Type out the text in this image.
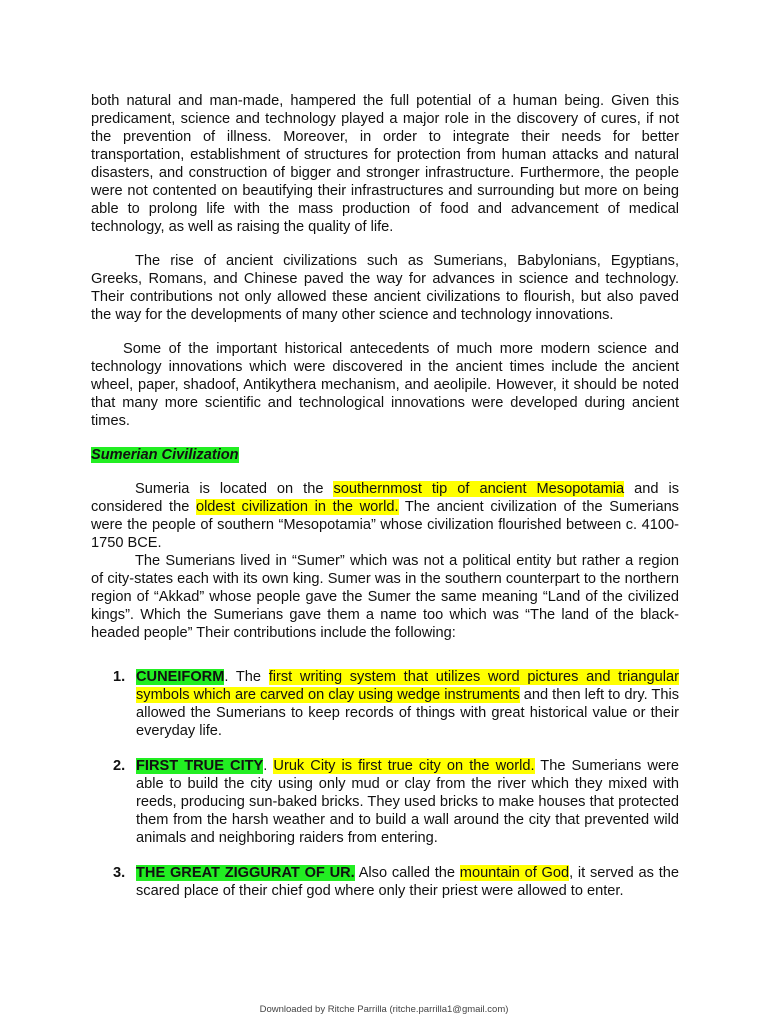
both natural and man-made, hampered the full potential of a human being. Given this predicament, science and technology played a major role in the discovery of cures, if not the prevention of illness. Moreover, in order to integrate their needs for better transportation, establishment of structures for protection from human attacks and natural disasters, and construction of bigger and stronger infrastructure. Furthermore, the people were not contented on beautifying their infrastructures and surrounding but more on being able to prolong life with the mass production of food and advancement of medical technology, as well as raising the quality of life.

The rise of ancient civilizations such as Sumerians, Babylonians, Egyptians, Greeks, Romans, and Chinese paved the way for advances in science and technology. Their contributions not only allowed these ancient civilizations to flourish, but also paved the way for the developments of many other science and technology innovations.

Some of the important historical antecedents of much more modern science and technology innovations which were discovered in the ancient times include the ancient wheel, paper, shadoof, Antikythera mechanism, and aeolipile. However, it should be noted that many more scientific and technological innovations were developed during ancient times.

Sumerian Civilization

Sumeria is located on the southernmost tip of ancient Mesopotamia and is considered the oldest civilization in the world. The ancient civilization of the Sumerians were the people of southern “Mesopotamia” whose civilization flourished between c. 4100-1750 BCE.

The Sumerians lived in “Sumer” which was not a political entity but rather a region of city-states each with its own king. Sumer was in the southern counterpart to the northern region of “Akkad” whose people gave the Sumer the same meaning “Land of the civilized kings”. Which the Sumerians gave them a name too which was “The land of the black-headed people” Their contributions include the following:

1. CUNEIFORM. The first writing system that utilizes word pictures and triangular symbols which are carved on clay using wedge instruments and then left to dry. This allowed the Sumerians to keep records of things with great historical value or their everyday life.

2. FIRST TRUE CITY. Uruk City is first true city on the world. The Sumerians were able to build the city using only mud or clay from the river which they mixed with reeds, producing sun-baked bricks. They used bricks to make houses that protected them from the harsh weather and to build a wall around the city that prevented wild animals and neighboring raiders from entering.

3. THE GREAT ZIGGURAT OF UR. Also called the mountain of God, it served as the scared place of their chief god where only their priest were allowed to enter.

Downloaded by Ritche Parrilla (ritche.parrilla1@gmail.com)
